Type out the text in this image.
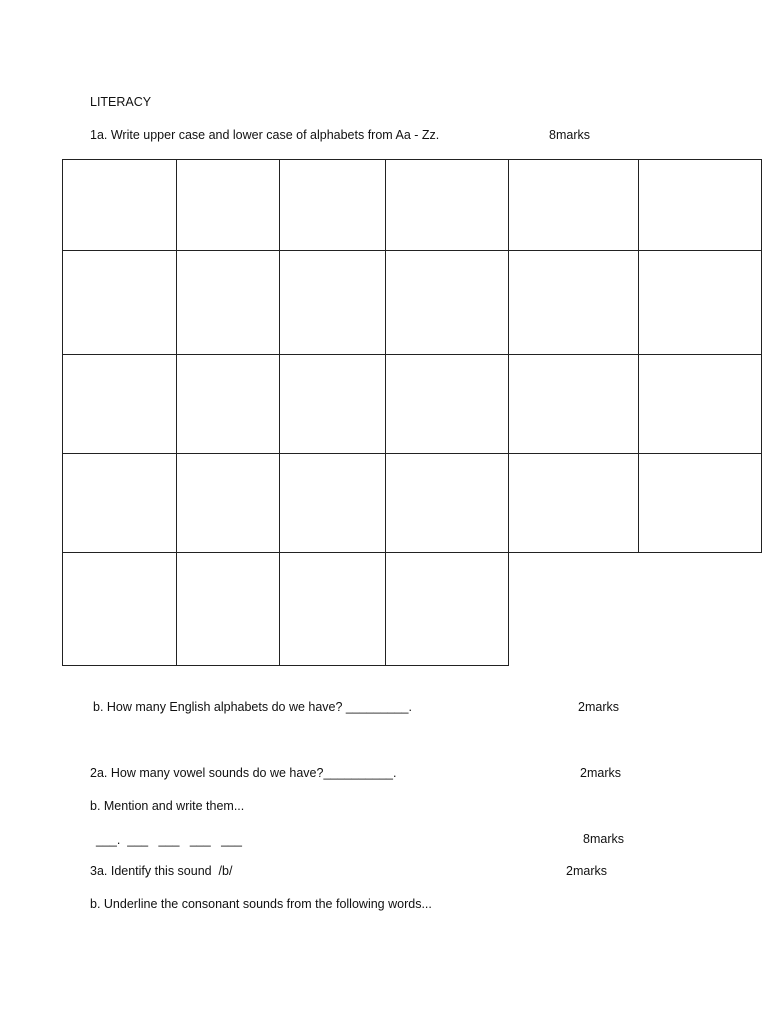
LITERACY
1a. Write upper case and lower case of alphabets from Aa - Zz.	8marks
b. How many English alphabets do we have? _________.	2marks
2a. How many vowel sounds do we have?__________.	2marks
b. Mention and write them...
___.  ___   ___   ___   ___	8marks
3a. Identify this sound  /b/	2marks
b. Underline the consonant sounds from the following words...
